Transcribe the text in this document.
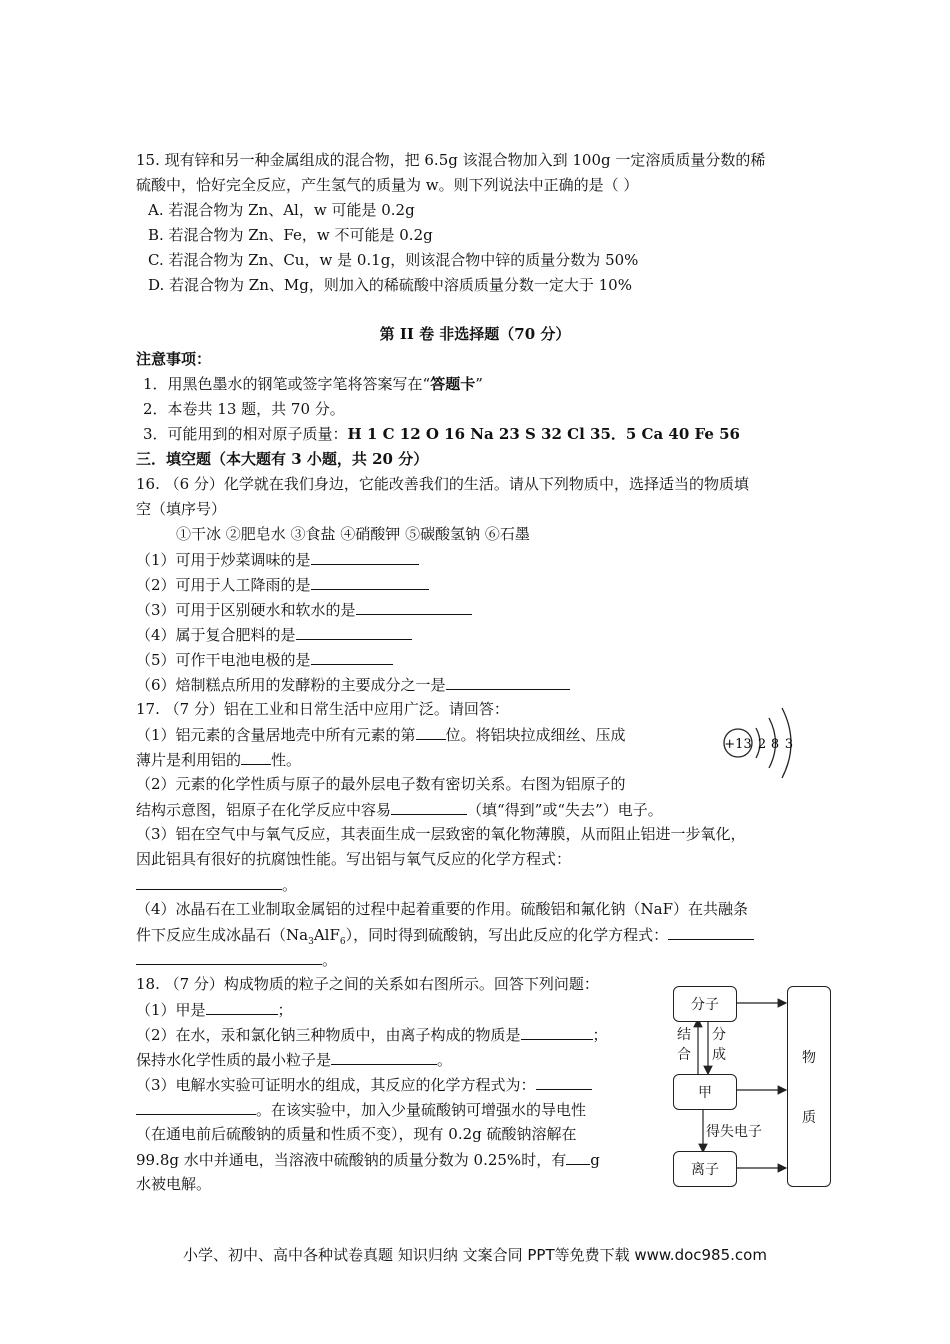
15. 现有锌和另一种金属组成的混合物，把 6.5g 该混合物加入到 100g 一定溶质质量分数的稀
硫酸中，恰好完全反应，产生氢气的质量为 w。则下列说法中正确的是（ ）
A. 若混合物为 Zn、Al，w 可能是 0.2g
B. 若混合物为 Zn、Fe，w 不可能是 0.2g
C. 若混合物为 Zn、Cu，w 是 0.1g，则该混合物中锌的质量分数为 50%
D. 若混合物为 Zn、Mg，则加入的稀硫酸中溶质质量分数一定大于 10%
第 II 卷 非选择题（70 分）
注意事项：
1．用黑色墨水的钢笔或签字笔将答案写在“答题卡”
2．本卷共 13 题，共 70 分。
3．可能用到的相对原子质量：H 1 C 12 O 16 Na 23 S 32 Cl 35．5 Ca 40 Fe 56
三．填空题（本大题有 3 小题，共 20 分）
16. （6 分）化学就在我们身边，它能改善我们的生活。请从下列物质中，选择适当的物质填
空（填序号）
①干冰 ②肥皂水 ③食盐 ④硝酸钾 ⑤碳酸氢钠 ⑥石墨
（1）可用于炒菜调味的是
（2）可用于人工降雨的是
（3）可用于区别硬水和软水的是
（4）属于复合肥料的是
（5）可作干电池电极的是
（6）焙制糕点所用的发酵粉的主要成分之一是
17. （7 分）铝在工业和日常生活中应用广泛。请回答：
（1）铝元素的含量居地壳中所有元素的第 位。将铝块拉成细丝、压成
薄片是利用铝的 性。
+13 2 8 3
（2）元素的化学性质与原子的最外层电子数有密切关系。右图为铝原子的
结构示意图，铝原子在化学反应中容易	（填“得到”或“失去”）电子。
（3）铝在空气中与氧气反应，其表面生成一层致密的氧化物薄膜，从而阻止铝进一步氧化，
因此铝具有很好的抗腐蚀性能。写出铝与氧气反应的化学方程式：
。
（4）冰晶石在工业制取金属铝的过程中起着重要的作用。硫酸铝和氟化钠（NaF）在共融条
件下反应生成冰晶石$(Na_3AlF_6)$，同时得到硫酸钠，写出此反应的化学方程式：
。
18. （7 分）构成物质的粒子之间的关系如右图所示。回答下列问题：
（1）甲是	；
（2）在水，汞和氯化钠三种物质中，由离子构成的物质是	；
保持水化学性质的最小粒子是	。
（3）电解水实验可证明水的组成，其反应的化学方程式为：
。在该实验中，加入少量硫酸钠可增强水的导电性
（在通电前后硫酸钠的质量和性质不变），现有 0.2g 硫酸钠溶解在
99.8g 水中并通电，当溶液中硫酸钠的质量分数为 0.25%时，有 g
水被电解。
分子
甲
离子
物
质
结
合
分
成
得失电子
小学、初中、高中各种试卷真题 知识归纳 文案合同 PPT等免费下载 www.doc985.com
